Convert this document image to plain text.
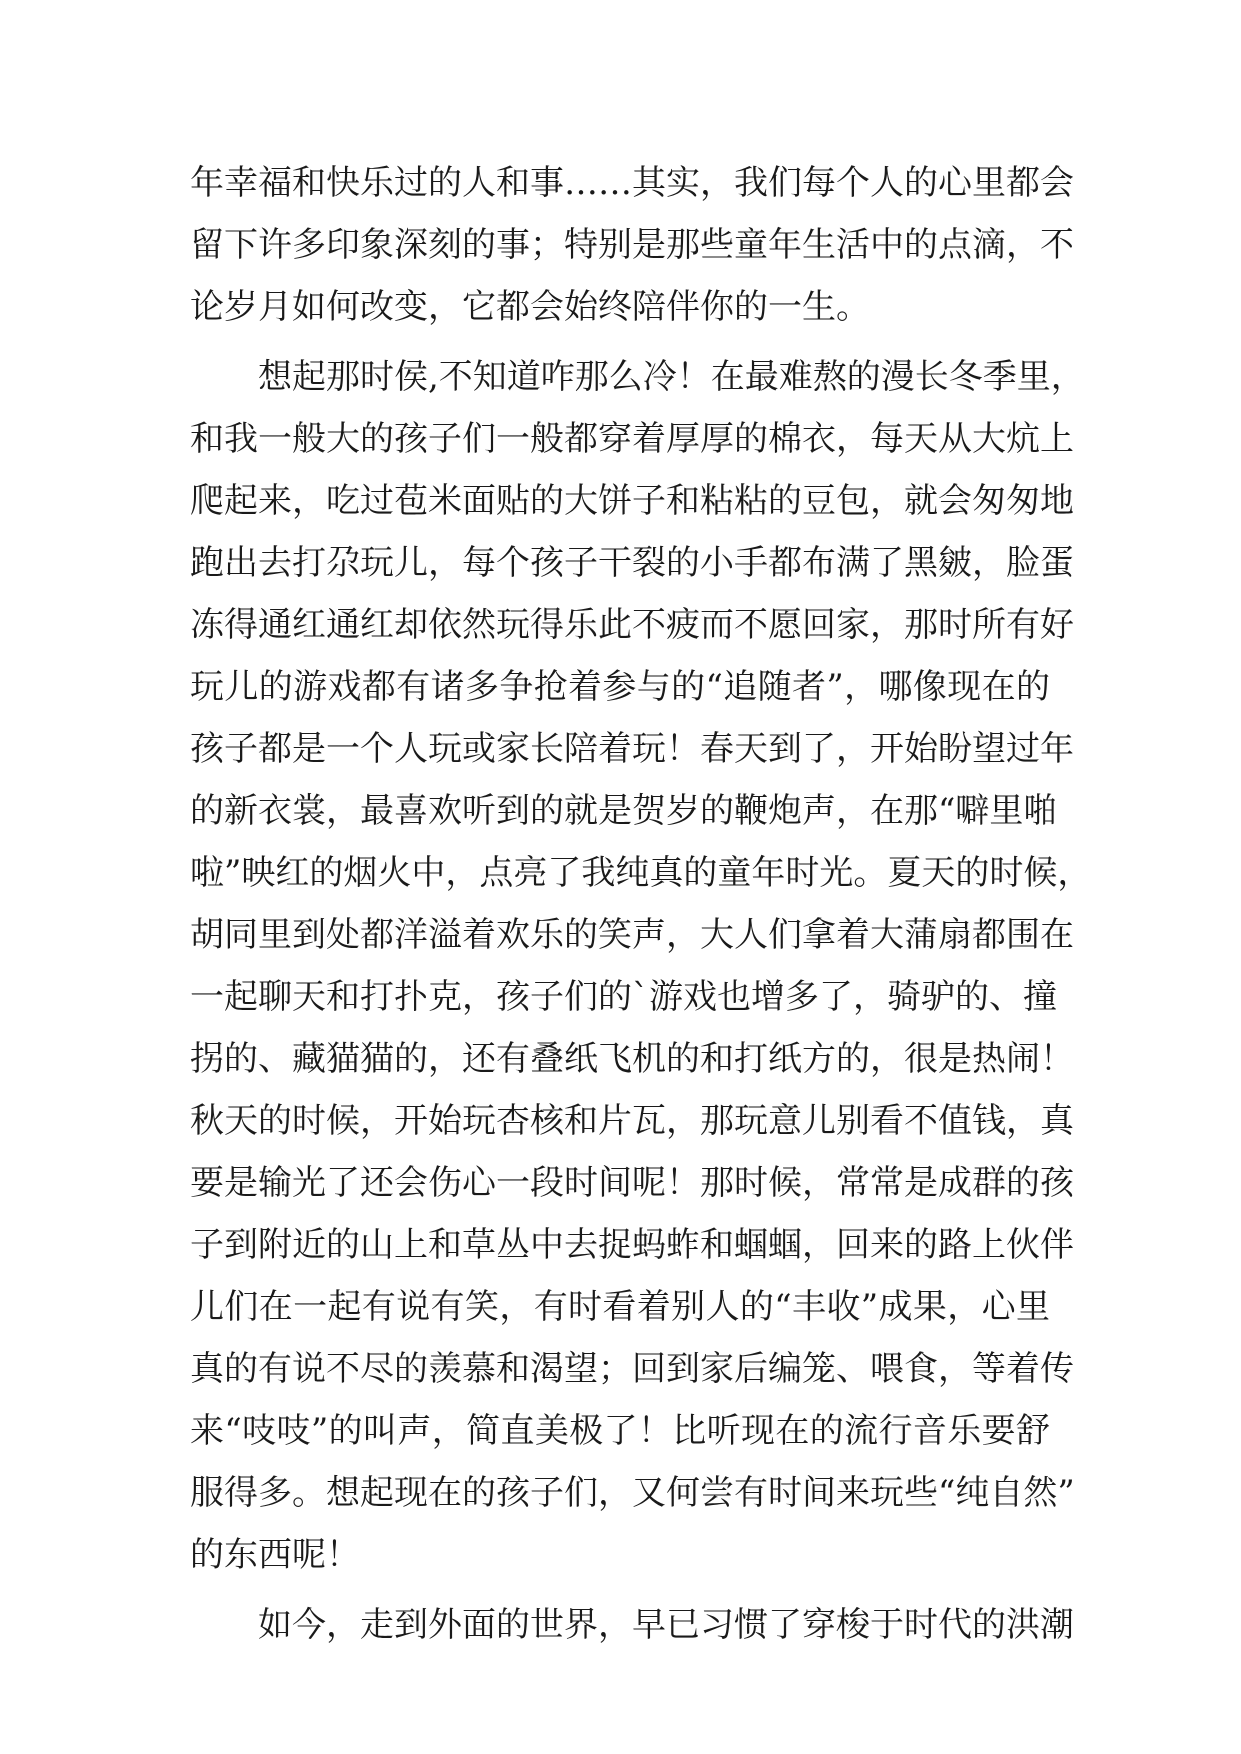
年幸福和快乐过的人和事……其实，我们每个人的心里都会
留下许多印象深刻的事；特别是那些童年生活中的点滴，不
论岁月如何改变，它都会始终陪伴你的一生。
想起那时侯,不知道咋那么冷！在最难熬的漫长冬季里，
和我一般大的孩子们一般都穿着厚厚的棉衣，每天从大炕上
爬起来，吃过苞米面贴的大饼子和粘粘的豆包，就会匆匆地
跑出去打尕玩儿，每个孩子干裂的小手都布满了黑皴，脸蛋
冻得通红通红却依然玩得乐此不疲而不愿回家，那时所有好
玩儿的游戏都有诸多争抢着参与的“追随者”，哪像现在的
孩子都是一个人玩或家长陪着玩！春天到了，开始盼望过年
的新衣裳，最喜欢听到的就是贺岁的鞭炮声，在那“噼里啪
啦”映红的烟火中，点亮了我纯真的童年时光。夏天的时候，
胡同里到处都洋溢着欢乐的笑声，大人们拿着大蒲扇都围在
一起聊天和打扑克，孩子们的`游戏也增多了，骑驴的、撞
拐的、藏猫猫的，还有叠纸飞机的和打纸方的，很是热闹！
秋天的时候，开始玩杏核和片瓦，那玩意儿别看不值钱，真
要是输光了还会伤心一段时间呢！那时候，常常是成群的孩
子到附近的山上和草丛中去捉蚂蚱和蝈蝈，回来的路上伙伴
儿们在一起有说有笑，有时看着别人的“丰收”成果，心里
真的有说不尽的羡慕和渴望；回到家后编笼、喂食，等着传
来“吱吱”的叫声，简直美极了！比听现在的流行音乐要舒
服得多。想起现在的孩子们，又何尝有时间来玩些“纯自然”
的东西呢！
如今，走到外面的世界，早已习惯了穿梭于时代的洪潮
